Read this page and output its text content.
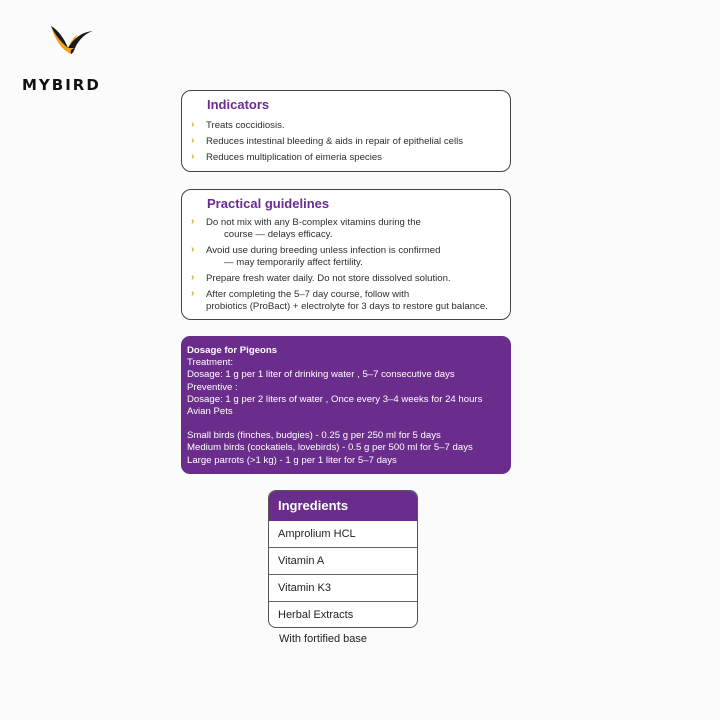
MYBIRD
Indicators
› Treats coccidiosis.
› Reduces intestinal bleeding & aids in repair of epithelial cells
› Reduces multiplication of eimeria species
Practical guidelines
› Do not mix with any B-complex vitamins during the
course — delays efficacy.
› Avoid use during breeding unless infection is confirmed
— may temporarily affect fertility.
› Prepare fresh water daily. Do not store dissolved solution.
› After completing the 5–7 day course, follow with
probiotics (ProBact) + electrolyte for 3 days to restore gut balance.
Dosage for Pigeons
Treatment:
Dosage: 1 g per 1 liter of drinking water , 5–7 consecutive days
Preventive :
Dosage: 1 g per 2 liters of water , Once every 3–4 weeks for 24 hours
Avian Pets
Small birds (finches, budgies) - 0.25 g per 250 ml for 5 days
Medium birds (cockatiels, lovebirds) - 0.5 g per 500 ml for 5–7 days
Large parrots (>1 kg) - 1 g per 1 liter for 5–7 days
Ingredients
Amprolium HCL
Vitamin A
Vitamin K3
Herbal Extracts
With fortified base
